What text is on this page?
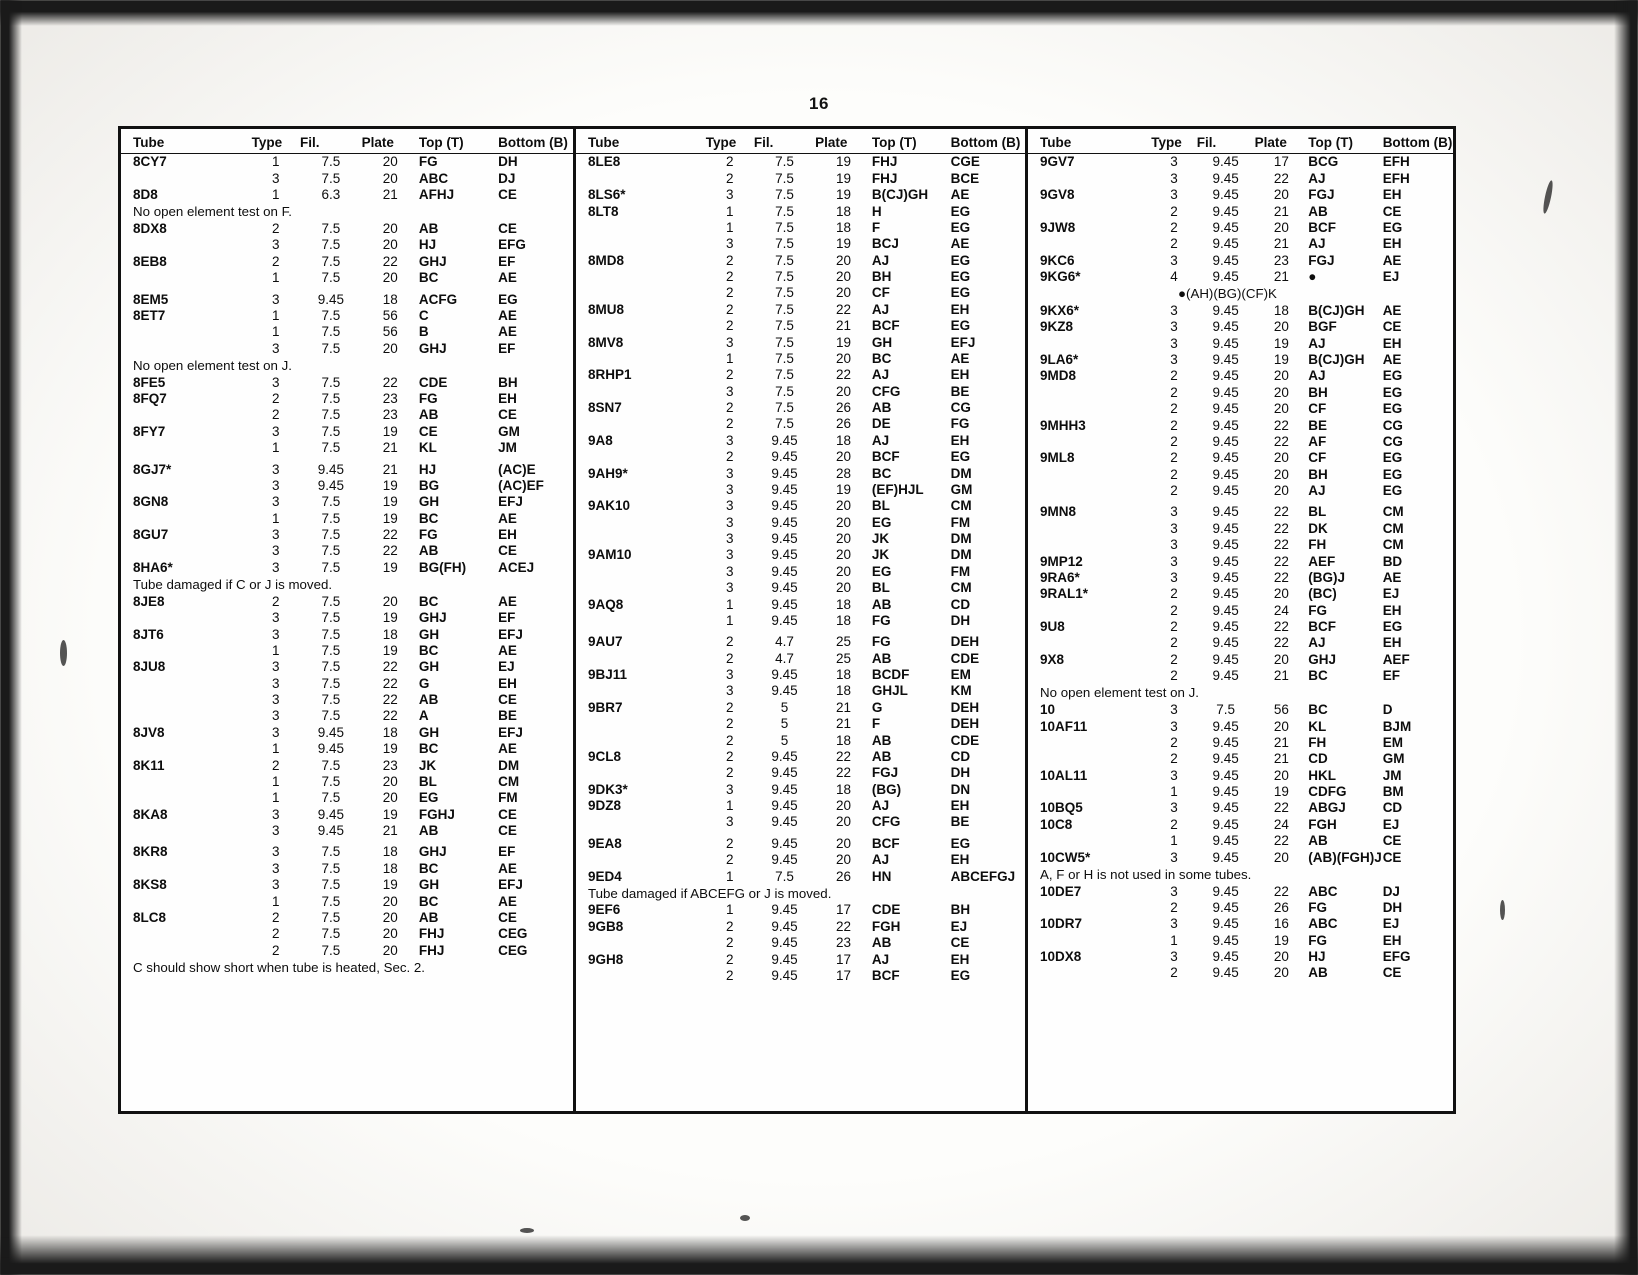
16
Tube	Type	Fil.	Plate	Top (T)	Bottom (B)
8CY7	1	7.5	20	FG	DH
	3	7.5	20	ABC	DJ
8D8	1	6.3	21	AFHJ	CE
No open element test on F.					
8DX8	2	7.5	20	AB	CE
	3	7.5	20	HJ	EFG
8EB8	2	7.5	22	GHJ	EF
	1	7.5	20	BC	AE

8EM5	3	9.45	18	ACFG	EG
8ET7	1	7.5	56	C	AE
	1	7.5	56	B	AE
	3	7.5	20	GHJ	EF
No open element test on J.					
8FE5	3	7.5	22	CDE	BH
8FQ7	2	7.5	23	FG	EH
	2	7.5	23	AB	CE
8FY7	3	7.5	19	CE	GM
	1	7.5	21	KL	JM

8GJ7*	3	9.45	21	HJ	(AC)E
	3	9.45	19	BG	(AC)EF
8GN8	3	7.5	19	GH	EFJ
	1	7.5	19	BC	AE
8GU7	3	7.5	22	FG	EH
	3	7.5	22	AB	CE
8HA6*	3	7.5	19	BG(FH)	ACEJ
Tube damaged if C or J is moved.					
8JE8	2	7.5	20	BC	AE
	3	7.5	19	GHJ	EF
8JT6	3	7.5	18	GH	EFJ
	1	7.5	19	BC	AE
8JU8	3	7.5	22	GH	EJ
	3	7.5	22	G	EH
	3	7.5	22	AB	CE
	3	7.5	22	A	BE
8JV8	3	9.45	18	GH	EFJ
	1	9.45	19	BC	AE
8K11	2	7.5	23	JK	DM
	1	7.5	20	BL	CM
	1	7.5	20	EG	FM
8KA8	3	9.45	19	FGHJ	CE
	3	9.45	21	AB	CE

8KR8	3	7.5	18	GHJ	EF
	3	7.5	18	BC	AE
8KS8	3	7.5	19	GH	EFJ
	1	7.5	20	BC	AE
8LC8	2	7.5	20	AB	CE
	2	7.5	20	FHJ	CEG
	2	7.5	20	FHJ	CEG
C should show short when tube is heated, Sec. 2.					
Tube	Type	Fil.	Plate	Top (T)	Bottom (B)
8LE8	2	7.5	19	FHJ	CGE
	2	7.5	19	FHJ	BCE
8LS6*	3	7.5	19	B(CJ)GH	AE
8LT8	1	7.5	18	H	EG
	1	7.5	18	F	EG
	3	7.5	19	BCJ	AE
8MD8	2	7.5	20	AJ	EG
	2	7.5	20	BH	EG
	2	7.5	20	CF	EG
8MU8	2	7.5	22	AJ	EH
	2	7.5	21	BCF	EG
8MV8	3	7.5	19	GH	EFJ
	1	7.5	20	BC	AE
8RHP1	2	7.5	22	AJ	EH
	3	7.5	20	CFG	BE
8SN7	2	7.5	26	AB	CG
	2	7.5	26	DE	FG
9A8	3	9.45	18	AJ	EH
	2	9.45	20	BCF	EG
9AH9*	3	9.45	28	BC	DM
	3	9.45	19	(EF)HJL	GM
9AK10	3	9.45	20	BL	CM
	3	9.45	20	EG	FM
	3	9.45	20	JK	DM
9AM10	3	9.45	20	JK	DM
	3	9.45	20	EG	FM
	3	9.45	20	BL	CM
9AQ8	1	9.45	18	AB	CD
	1	9.45	18	FG	DH

9AU7	2	4.7	25	FG	DEH
	2	4.7	25	AB	CDE
9BJ11	3	9.45	18	BCDF	EM
	3	9.45	18	GHJL	KM
9BR7	2	5	21	G	DEH
	2	5	21	F	DEH
	2	5	18	AB	CDE
9CL8	2	9.45	22	AB	CD
	2	9.45	22	FGJ	DH
9DK3*	3	9.45	18	(BG)	DN
9DZ8	1	9.45	20	AJ	EH
	3	9.45	20	CFG	BE

9EA8	2	9.45	20	BCF	EG
	2	9.45	20	AJ	EH
9ED4	1	7.5	26	HN	ABCEFGJ
Tube damaged if ABCEFG or J is moved.					
9EF6	1	9.45	17	CDE	BH
9GB8	2	9.45	22	FGH	EJ
	2	9.45	23	AB	CE
9GH8	2	9.45	17	AJ	EH
	2	9.45	17	BCF	EG
Tube	Type	Fil.	Plate	Top (T)	Bottom (B)
9GV7	3	9.45	17	BCG	EFH
	3	9.45	22	AJ	EFH
9GV8	3	9.45	20	FGJ	EH
	2	9.45	21	AB	CE
9JW8	2	9.45	20	BCF	EG
	2	9.45	21	AJ	EH
9KC6	3	9.45	23	FGJ	AE
9KG6*	4	9.45	21	●	EJ
●(AH)(BG)(CF)K					
9KX6*	3	9.45	18	B(CJ)GH	AE
9KZ8	3	9.45	20	BGF	CE
	3	9.45	19	AJ	EH
9LA6*	3	9.45	19	B(CJ)GH	AE
9MD8	2	9.45	20	AJ	EG
	2	9.45	20	BH	EG
	2	9.45	20	CF	EG
9MHH3	2	9.45	22	BE	CG
	2	9.45	22	AF	CG
9ML8	2	9.45	20	CF	EG
	2	9.45	20	BH	EG
	2	9.45	20	AJ	EG

9MN8	3	9.45	22	BL	CM
	3	9.45	22	DK	CM
	3	9.45	22	FH	CM
9MP12	3	9.45	22	AEF	BD
9RA6*	3	9.45	22	(BG)J	AE
9RAL1*	2	9.45	20	(BC)	EJ
	2	9.45	24	FG	EH
9U8	2	9.45	22	BCF	EG
	2	9.45	22	AJ	EH
9X8	2	9.45	20	GHJ	AEF
	2	9.45	21	BC	EF
No open element test on J.					
10	3	7.5	56	BC	D
10AF11	3	9.45	20	KL	BJM
	2	9.45	21	FH	EM
	2	9.45	21	CD	GM
10AL11	3	9.45	20	HKL	JM
	1	9.45	19	CDFG	BM
10BQ5	3	9.45	22	ABGJ	CD
10C8	2	9.45	24	FGH	EJ
	1	9.45	22	AB	CE
10CW5*	3	9.45	20	(AB)(FGH)J	CE
A, F or H is not used in some tubes.					
10DE7	3	9.45	22	ABC	DJ
	2	9.45	26	FG	DH
10DR7	3	9.45	16	ABC	EJ
	1	9.45	19	FG	EH
10DX8	3	9.45	20	HJ	EFG
	2	9.45	20	AB	CE
